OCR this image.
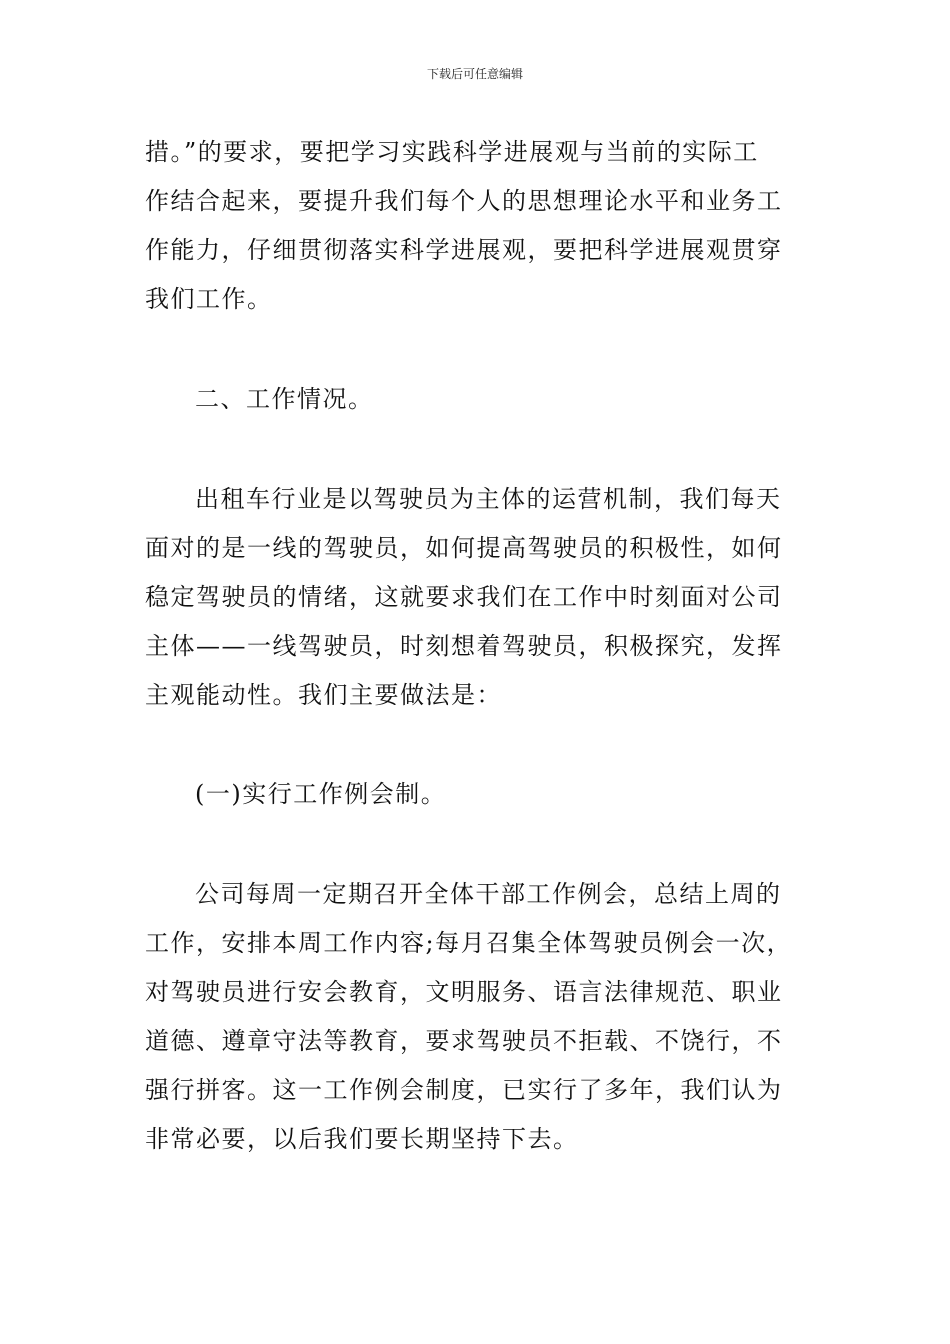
下载后可任意编辑
措。”的要求，要把学习实践科学进展观与当前的实际工
作结合起来，要提升我们每个人的思想理论水平和业务工
作能力，仔细贯彻落实科学进展观，要把科学进展观贯穿
我们工作。
二、工作情况。
出租车行业是以驾驶员为主体的运营机制，我们每天
面对的是一线的驾驶员，如何提高驾驶员的积极性，如何
稳定驾驶员的情绪，这就要求我们在工作中时刻面对公司
主体——一线驾驶员，时刻想着驾驶员，积极探究，发挥
主观能动性。我们主要做法是：
(一)实行工作例会制。
公司每周一定期召开全体干部工作例会，总结上周的
工作，安排本周工作内容;每月召集全体驾驶员例会一次，
对驾驶员进行安会教育，文明服务、语言法律规范、职业
道德、遵章守法等教育，要求驾驶员不拒载、不饶行，不
强行拼客。这一工作例会制度，已实行了多年，我们认为
非常必要，以后我们要长期坚持下去。
